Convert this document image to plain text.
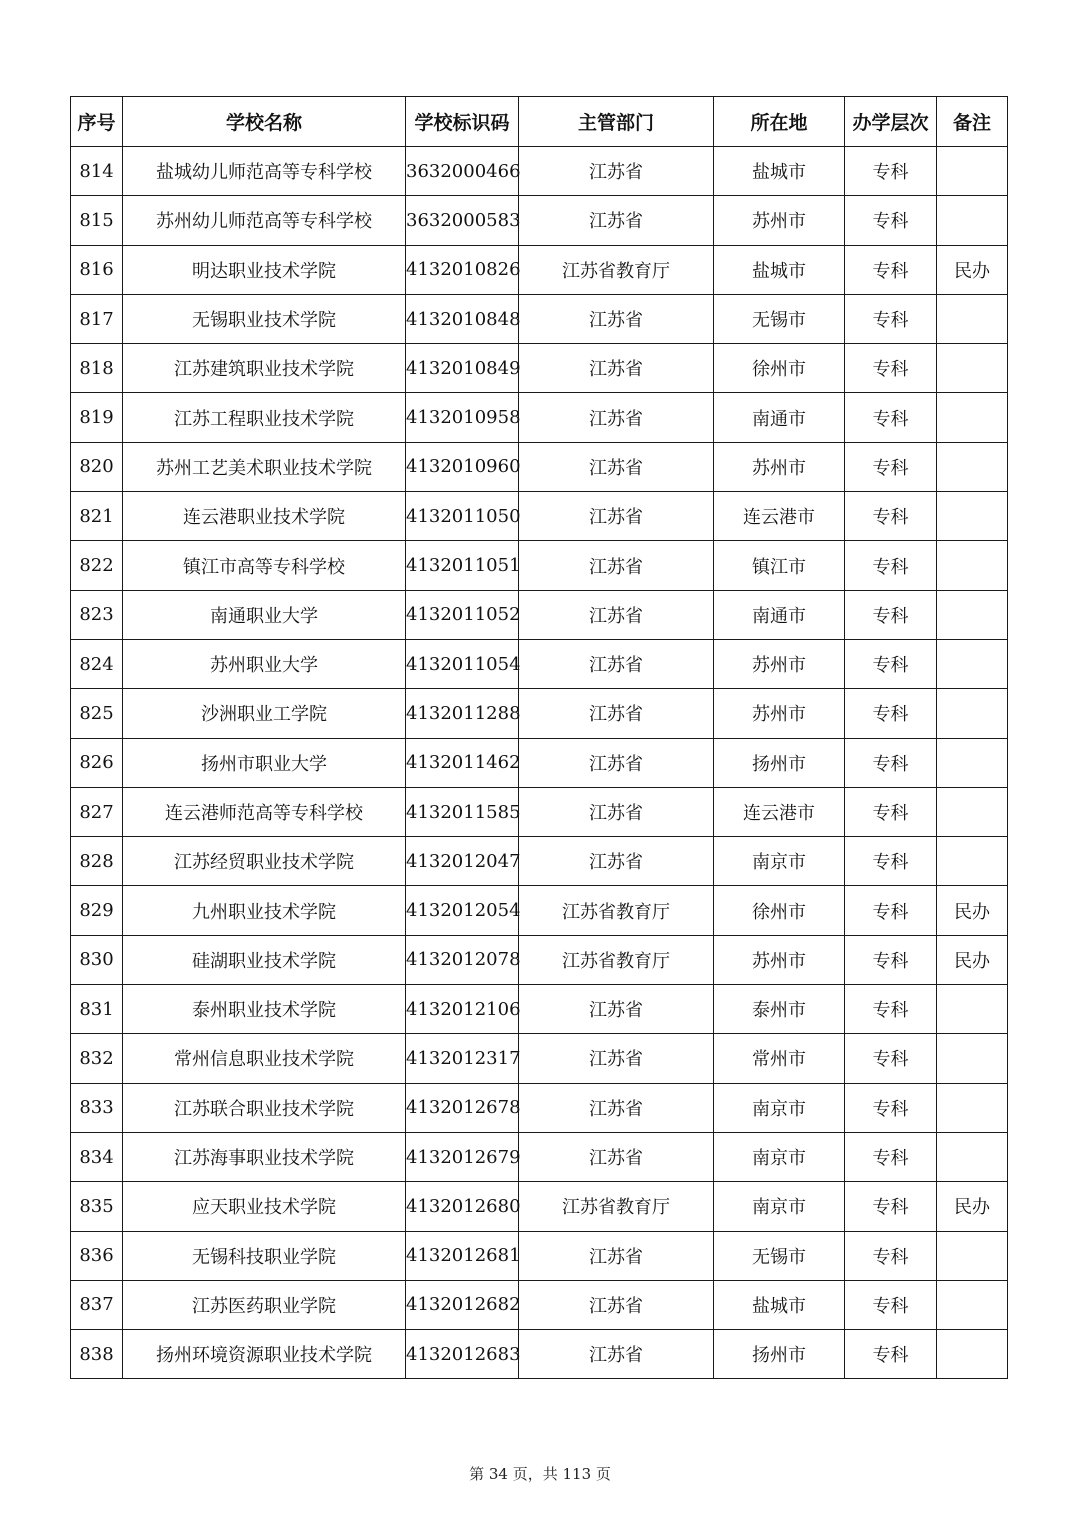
序号	学校名称	学校标识码	主管部门	所在地	办学层次	备注
814	盐城幼儿师范高等专科学校	3632000466	江苏省	盐城市	专科	
815	苏州幼儿师范高等专科学校	3632000583	江苏省	苏州市	专科	
816	明达职业技术学院	4132010826	江苏省教育厅	盐城市	专科	民办
817	无锡职业技术学院	4132010848	江苏省	无锡市	专科	
818	江苏建筑职业技术学院	4132010849	江苏省	徐州市	专科	
819	江苏工程职业技术学院	4132010958	江苏省	南通市	专科	
820	苏州工艺美术职业技术学院	4132010960	江苏省	苏州市	专科	
821	连云港职业技术学院	4132011050	江苏省	连云港市	专科	
822	镇江市高等专科学校	4132011051	江苏省	镇江市	专科	
823	南通职业大学	4132011052	江苏省	南通市	专科	
824	苏州职业大学	4132011054	江苏省	苏州市	专科	
825	沙洲职业工学院	4132011288	江苏省	苏州市	专科	
826	扬州市职业大学	4132011462	江苏省	扬州市	专科	
827	连云港师范高等专科学校	4132011585	江苏省	连云港市	专科	
828	江苏经贸职业技术学院	4132012047	江苏省	南京市	专科	
829	九州职业技术学院	4132012054	江苏省教育厅	徐州市	专科	民办
830	硅湖职业技术学院	4132012078	江苏省教育厅	苏州市	专科	民办
831	泰州职业技术学院	4132012106	江苏省	泰州市	专科	
832	常州信息职业技术学院	4132012317	江苏省	常州市	专科	
833	江苏联合职业技术学院	4132012678	江苏省	南京市	专科	
834	江苏海事职业技术学院	4132012679	江苏省	南京市	专科	
835	应天职业技术学院	4132012680	江苏省教育厅	南京市	专科	民办
836	无锡科技职业学院	4132012681	江苏省	无锡市	专科	
837	江苏医药职业学院	4132012682	江苏省	盐城市	专科	
838	扬州环境资源职业技术学院	4132012683	江苏省	扬州市	专科	
第 34 页，共 113 页
